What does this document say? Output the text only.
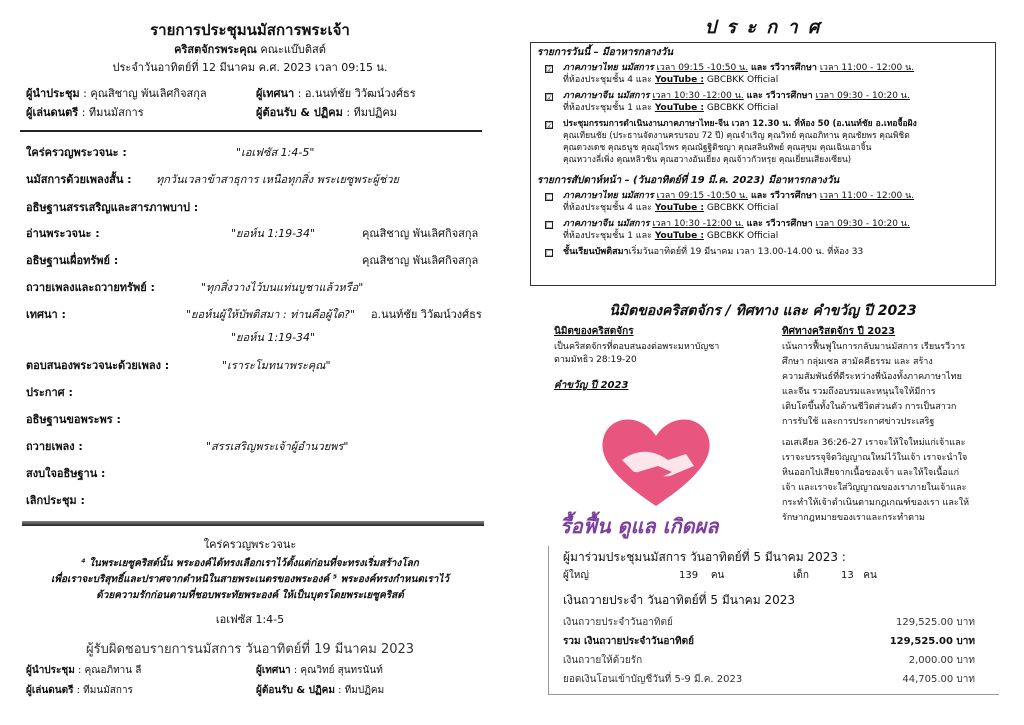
รายการประชุมนมัสการพระเจ้า
คริสตจักรพระคุณ คณะแบ๊บติสต์
ประจำวันอาทิตย์ที่ 12 มีนาคม ค.ศ. 2023 เวลา 09:15 น.
ผู้นำประชุม : คุณสิชาญ พันเลิศกิจสกุล	ผู้เทศนา : อ.นนท์ชัย วิวัฒน์วงศ์ธร
ผู้เล่นดนตรี : ทีมนมัสการ	ผู้ต้อนรับ & ปฏิคม : ทีมปฏิคม
ใคร่ครวญพระวจนะ :	"เอเฟซัส 1:4-5"
นมัสการด้วยเพลงสั้น : ทุกวันเวลาข้าสาธุการ เหนือทุกสิ่ง พระเยซูพระผู้ช่วย
อธิษฐานสรรเสริญและสารภาพบาป :
อ่านพระวจนะ :	"ยอห์น 1:19-34"	คุณสิชาญ พันเลิศกิจสกุล
อธิษฐานเผื่อทรัพย์ :	คุณสิชาญ พันเลิศกิจสกุล
ถวายเพลงและถวายทรัพย์ :	"ทุกสิ่งวางไว้บนแท่นบูชาแล้วหรือ"
เทศนา :	"ยอห์นผู้ให้บัพติสมา : ท่านคือผู้ใด?" อ.นนท์ชัย วิวัฒน์วงศ์ธร
"ยอห์น 1:19-34"
ตอบสนองพระวจนะด้วยเพลง :	"เราระโมทนาพระคุณ"
ประกาศ :
อธิษฐานขอพระพร :
ถวายเพลง :	"สรรเสริญพระเจ้าผู้อำนวยพร"
สงบใจอธิษฐาน :
เลิกประชุม :
ใคร่ครวญพระวจนะ
⁴ ในพระเยซูคริสต์นั้น พระองค์ได้ทรงเลือกเราไว้ตั้งแต่ก่อนที่จะทรงเริ่มสร้างโลก
เพื่อเราจะบริสุทธิ์และปราศจากตำหนิในสายพระเนตรของพระองค์ ⁵ พระองค์ทรงกำหนดเราไว้
ด้วยความรักก่อนตามที่ชอบพระทัยพระองค์ ให้เป็นบุตรโดยพระเยซูคริสต์
เอเฟซัส 1:4-5
ผู้รับผิดชอบรายการนมัสการ วันอาทิตย์ที่ 19 มีนาคม 2023
ผู้นำประชุม : คุณอภิทาน ลี	ผู้เทศนา : คุณวิทย์ สุนทรนันท์
ผู้เล่นดนตรี : ทีมนมัสการ	ผู้ต้อนรับ & ปฏิคม : ทีมปฏิคม
ป ร ะ ก า ศ
รายการวันนี้ – มีอาหารกลางวัน
☑ ภาคภาษาไทย นมัสการ เวลา 09:15 -10:50 น. และ รวีวารศึกษา เวลา 11:00 - 12:00 น.
ที่ห้องประชุมชั้น 4 และ YouTube : GBCBKK Official
☑ ภาคภาษาจีน นมัสการ เวลา 10:30 -12:00 น. และ รวีวารศึกษา เวลา 09:30 - 10:20 น.
ที่ห้องประชุมชั้น 1 และ YouTube : GBCBKK Official
☑ ประชุมกรรมการดำเนินงานภาคภาษาไทย-จีน เวลา 12.30 น. ที่ห้อง 50 (อ.นนท์ชัย อ.เทอจื้อผิง
คุณเทียนชัย (ประธานจัดงานครบรอบ 72 ปี) คุณจำเริญ คุณวิทย์ คุณอภิทาน คุณชัยพร คุณพิชิต
คุณดวงเดช คุณธนูช คุณอุไรพร คุณณัฐฐิติชญา คุณสลินทิพย์ คุณสุขุม คุณเฉินเอาจิ้น
คุณหวางลี่เพิ่ง คุณหลิวชิน คุณฮวางอันเยี่ยง คุณจ้าวกัวหรุย คุณเยี่ยนเสียงเซียน)
รายการสัปดาห์หน้า – (วันอาทิตย์ที่ 19 มี.ค. 2023) มีอาหารกลางวัน
☐ ภาคภาษาไทย นมัสการ เวลา 09:15 -10:50 น. และ รวีวารศึกษา เวลา 11:00 - 12:00 น.
ที่ห้องประชุมชั้น 4 และ YouTube : GBCBKK Official
☐ ภาคภาษาจีน นมัสการ เวลา 10:30 -12:00 น. และ รวีวารศึกษา เวลา 09:30 - 10:20 น.
ที่ห้องประชุมชั้น 1 และ YouTube : GBCBKK Official
☐ ชั้นเรียนบัพติสมาเริ่มวันอาทิตย์ที่ 19 มีนาคม เวลา 13.00-14.00 น. ที่ห้อง 33
นิมิตของคริสตจักร / ทิศทาง และ คำขวัญ ปี 2023
นิมิตของคริสตจักร
เป็นคริสตจักรที่ตอบสนองต่อพระมหาบัญชา
ตามมัทธิว 28:19-20
คำขวัญ ปี 2023
รื้อฟื้น ดูแล เกิดผล
ทิศทางคริสตจักร ปี 2023
เน้นการฟื้นฟูในการกลับมานมัสการ เรียนรวีวาร
ศึกษา กลุ่มเซล สามัคคีธรรม และ สร้าง
ความสัมพันธ์ที่ดีระหว่างพี่น้องทั้งภาคภาษาไทย
และจีน รวมถึงอบรมและหนุนใจให้มีการ
เติบโตขึ้นทั้งในด้านชีวิตส่วนตัว การเป็นสาวก
การรับใช้ และการประกาศข่าวประเสริฐ
เอเสเคียล 36:26-27 เราจะให้ใจใหม่แก่เจ้าและ
เราจะบรรจุจิตวิญญาณใหม่ไว้ในเจ้า เราจะนำใจ
หินออกไปเสียจากเนื้อของเจ้า และให้ใจเนื้อแก่
เจ้า และเราจะใส่วิญญาณของเราภายในเจ้าและ
กระทำให้เจ้าดำเนินตามกฎเกณฑ์ของเรา และให้
รักษากฎหมายของเราและกระทำตาม
ผู้มาร่วมประชุมนมัสการ วันอาทิตย์ที่ 5 มีนาคม 2023 :
ผู้ใหญ่	139 คน	เด็ก	13 คน
เงินถวายประจำ วันอาทิตย์ที่ 5 มีนาคม 2023
เงินถวายประจำวันอาทิตย์	129,525.00 บาท
รวม เงินถวายประจำวันอาทิตย์	129,525.00 บาท
เงินถวายให้ด้วยรัก	2,000.00 บาท
ยอดเงินโอนเข้าบัญชีวันที่ 5-9 มี.ค. 2023	44,705.00 บาท
